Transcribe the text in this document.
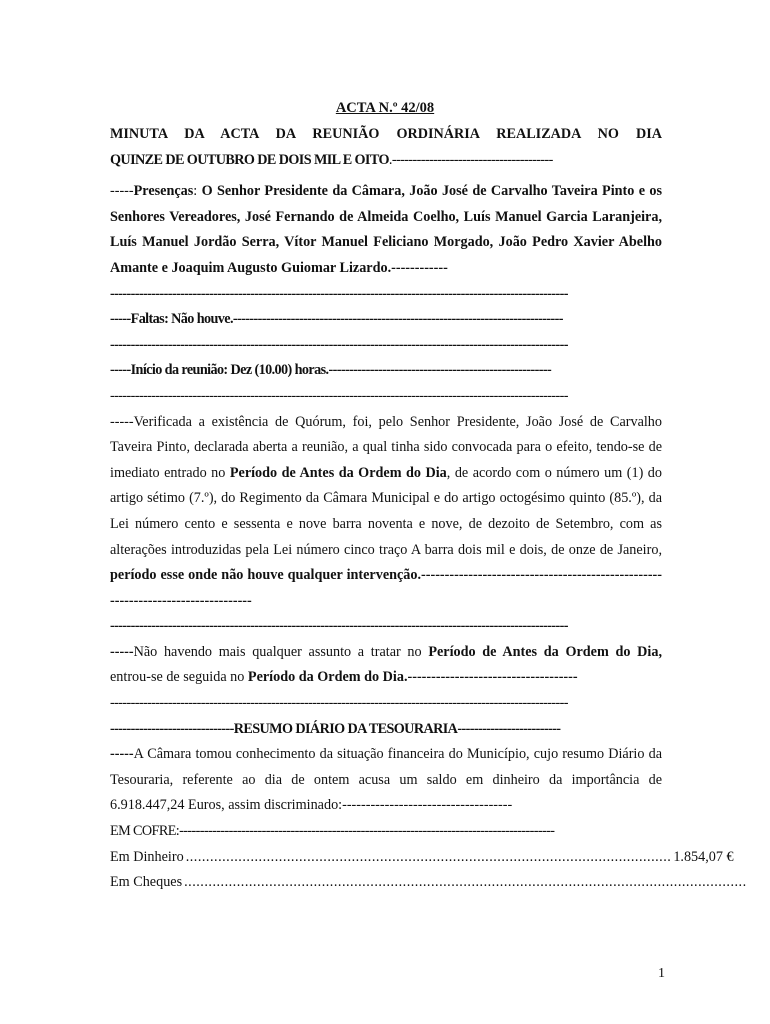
ACTA N.º 42/08

MINUTA DA ACTA DA REUNIÃO ORDINÁRIA REALIZADA NO DIA

QUINZE DE OUTUBRO DE DOIS MIL E OITO.---------------------------------------

-----Presenças: O Senhor Presidente da Câmara, João José de Carvalho Taveira Pinto e os Senhores Vereadores, José Fernando de Almeida Coelho, Luís Manuel Garcia Laranjeira, Luís Manuel Jordão Serra, Vítor Manuel Feliciano Morgado, João Pedro Xavier Abelho Amante e Joaquim Augusto Guiomar Lizardo.------------

---------------------------------------------------------------------------------------------------------------

-----Faltas: Não houve.--------------------------------------------------------------------------------

---------------------------------------------------------------------------------------------------------------

-----Início da reunião: Dez (10.00) horas.------------------------------------------------------

---------------------------------------------------------------------------------------------------------------

-----Verificada a existência de Quórum, foi, pelo Senhor Presidente, João José de Carvalho Taveira Pinto, declarada aberta a reunião, a qual tinha sido convocada para o efeito, tendo-se de imediato entrado no Período de Antes da Ordem do Dia, de acordo com o número um (1) do artigo sétimo (7.º), do Regimento da Câmara Municipal e do artigo octogésimo quinto (85.º), da Lei número cento e sessenta e nove barra noventa e nove, de dezoito de Setembro, com as alterações introduzidas pela Lei número cinco traço A barra dois mil e dois, de onze de Janeiro, período esse onde não houve qualquer intervenção.---------------------------------------------------------------------------------

---------------------------------------------------------------------------------------------------------------

-----Não havendo mais qualquer assunto a tratar no Período de Antes da Ordem do Dia, entrou-se de seguida no Período da Ordem do Dia.------------------------------------

---------------------------------------------------------------------------------------------------------------

------------------------------RESUMO DIÁRIO DA TESOURARIA-------------------------

-----A Câmara tomou conhecimento da situação financeira do Município, cujo resumo Diário da Tesouraria, referente ao dia de ontem acusa um saldo em dinheiro da importância de 6.918.447,24 Euros, assim discriminado:------------------------------------

EM COFRE:-------------------------------------------------------------------------------------------

Em Dinheiro ........................................................................................................................ 1.854,07 €
Em Cheques ...........................................................................................................................................
1
